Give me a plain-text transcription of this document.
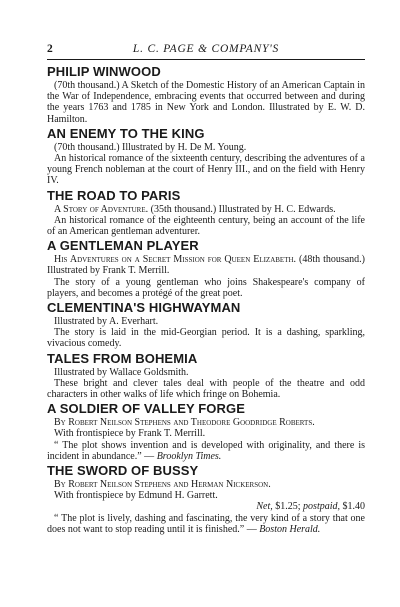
2	L. C. PAGE & COMPANY'S
PHILIP WINWOOD

(70th thousand.) A Sketch of the Domestic History of an American Captain in the War of Independence, embracing events that occurred between and during the years 1763 and 1785 in New York and London. Illustrated by E. W. D. Hamilton.

AN ENEMY TO THE KING

(70th thousand.) Illustrated by H. De M. Young.

An historical romance of the sixteenth century, describing the adventures of a young French nobleman at the court of Henry III., and on the field with Henry IV.

THE ROAD TO PARIS

A Story of Adventure. (35th thousand.) Illustrated by H. C. Edwards.

An historical romance of the eighteenth century, being an account of the life of an American gentleman adventurer.

A GENTLEMAN PLAYER

His Adventures on a Secret Mission for Queen Elizabeth. (48th thousand.) Illustrated by Frank T. Merrill.

The story of a young gentleman who joins Shakespeare's company of players, and becomes a protégé of the great poet.

CLEMENTINA'S HIGHWAYMAN

Illustrated by A. Everhart.

The story is laid in the mid-Georgian period. It is a dashing, sparkling, vivacious comedy.

TALES FROM BOHEMIA

Illustrated by Wallace Goldsmith.

These bright and clever tales deal with people of the theatre and odd characters in other walks of life which fringe on Bohemia.

A SOLDIER OF VALLEY FORGE

By Robert Neilson Stephens and Theodore Goodridge Roberts.

With frontispiece by Frank T. Merrill.

“ The plot shows invention and is developed with originality, and there is incident in abundance.” — Brooklyn Times.

THE SWORD OF BUSSY

By Robert Neilson Stephens and Herman Nickerson.

With frontispiece by Edmund H. Garrett.

Net, $1.25; postpaid, $1.40

“ The plot is lively, dashing and fascinating, the very kind of a story that one does not want to stop reading until it is finished.” — Boston Herald.
